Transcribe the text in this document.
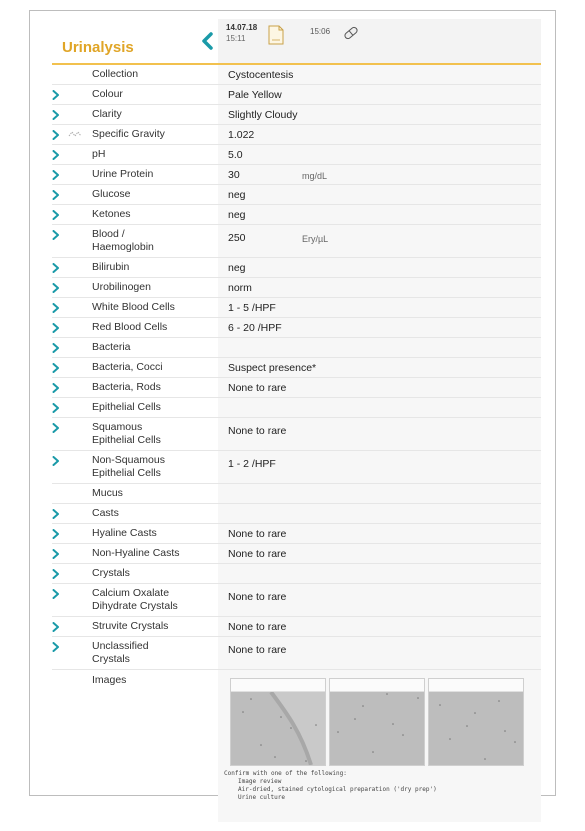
Urinalysis
14.07.18
15:11
15:06
Cystocentesis
Collection
Pale Yellow
Colour
Slightly Cloudy
Clarity
1.022
Specific Gravity
5.0
pH
30	mg/dL
Urine Protein
neg
Glucose
neg
Ketones
250	Ery/µL
Blood /
Haemoglobin
neg
Bilirubin
norm
Urobilinogen
1 - 5 /HPF
White Blood Cells
6 - 20 /HPF
Red Blood Cells
Bacteria
Suspect presence*
Bacteria, Cocci
None to rare
Bacteria, Rods
Epithelial Cells
None to rare
Squamous
Epithelial Cells
1 - 2 /HPF
Non-Squamous
Epithelial Cells
Mucus
Casts
None to rare
Hyaline Casts
None to rare
Non-Hyaline Casts
Crystals
None to rare
Calcium Oxalate
Dihydrate Crystals
None to rare
Struvite Crystals
None to rare
Unclassified
Crystals
Images
Confirm with one of the following:
Image review
Air-dried, stained cytological preparation ('dry prep')
Urine culture
